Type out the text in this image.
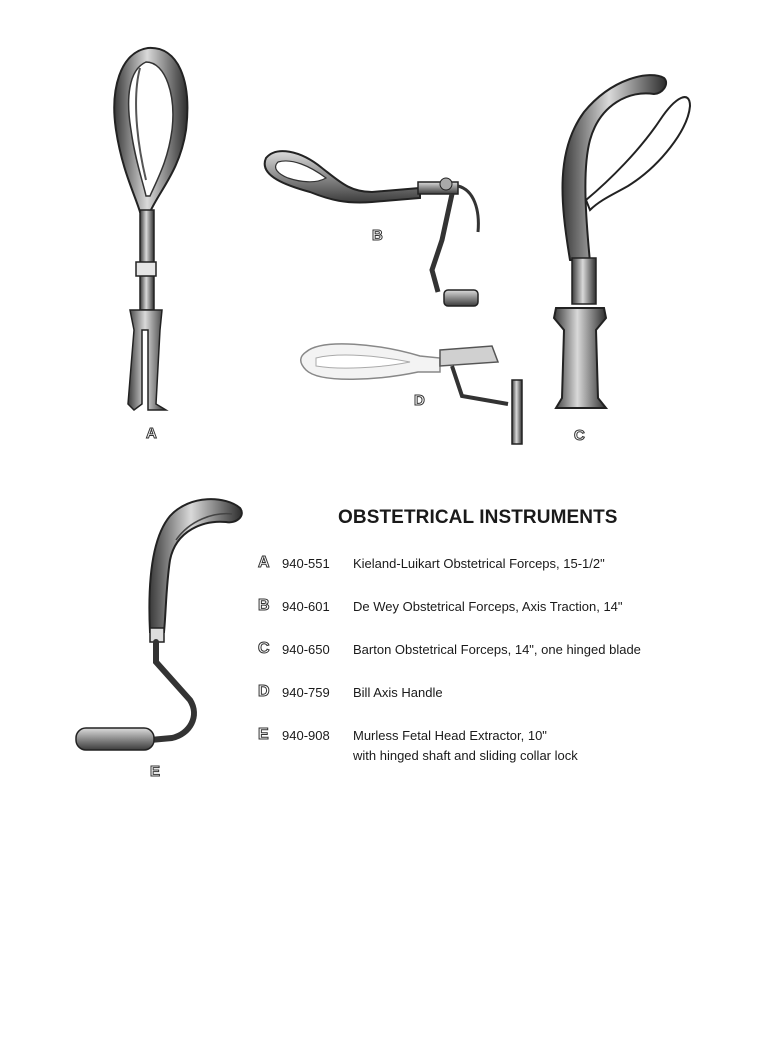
A
B
C
D
E
OBSTETRICAL INSTRUMENTS
A 940-551 Kieland-Luikart Obstetrical Forceps, 15-1/2"
B 940-601 De Wey Obstetrical Forceps, Axis Traction, 14"
C 940-650 Barton Obstetrical Forceps, 14", one hinged blade
D 940-759 Bill Axis Handle
E 940-908 Murless Fetal Head Extractor, 10"
with hinged shaft and sliding collar lock
